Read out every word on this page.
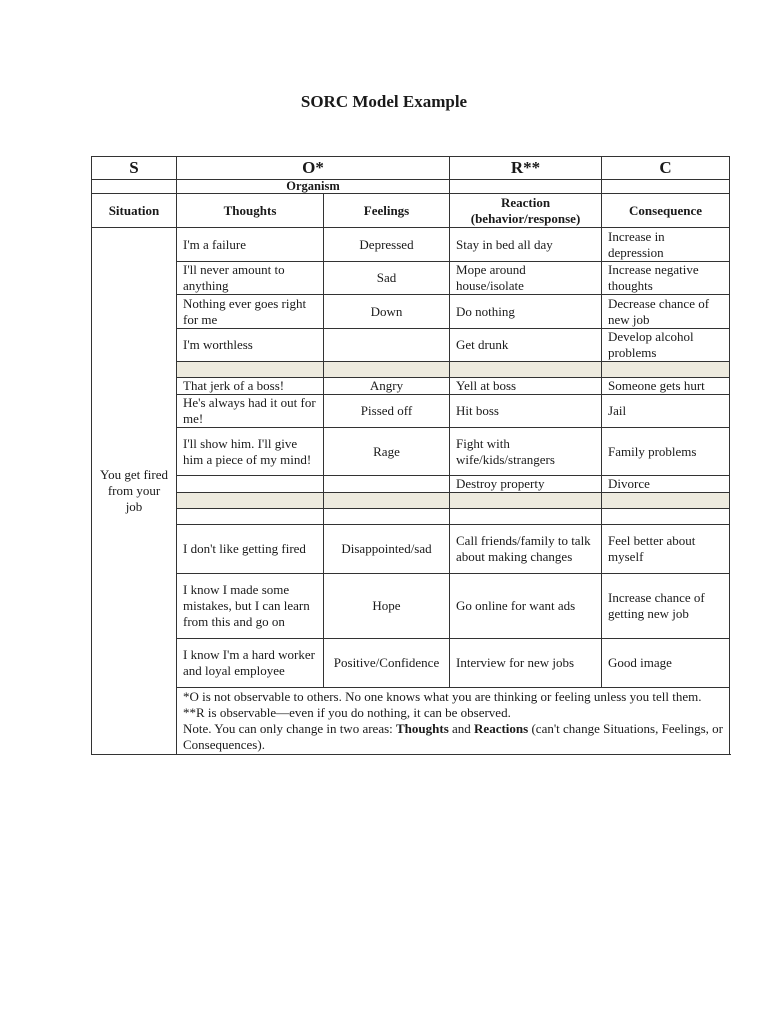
SORC Model Example
S	O*		R**	C
	Organism			
Situation	Thoughts	Feelings	Reaction (behavior/response)	Consequence
You get fired from your job	I'm a failure	Depressed	Stay in bed all day	Increase in depression
	I'll never amount to anything	Sad	Mope around house/isolate	Increase negative thoughts
	Nothing ever goes right for me	Down	Do nothing	Decrease chance of new job
	I'm worthless		Get drunk	Develop alcohol problems

	That jerk of a boss!	Angry	Yell at boss	Someone gets hurt
	He's always had it out for me!	Pissed off	Hit boss	Jail
	I'll show him. I'll give him a piece of my mind!	Rage	Fight with wife/kids/strangers	Family problems
			Destroy property	Divorce

	I don't like getting fired	Disappointed/sad	Call friends/family to talk about making changes	Feel better about myself
	I know I made some mistakes, but I can learn from this and go on	Hope	Go online for want ads	Increase chance of getting new job
	I know I'm a hard worker and loyal employee	Positive/Confidence	Interview for new jobs	Good image

	*O is not observable to others. No one knows what you are thinking or feeling unless you tell them.
**R is observable—even if you do nothing, it can be observed.
Note. You can only change in two areas: Thoughts and Reactions (can't change Situations, Feelings, or Consequences).			
